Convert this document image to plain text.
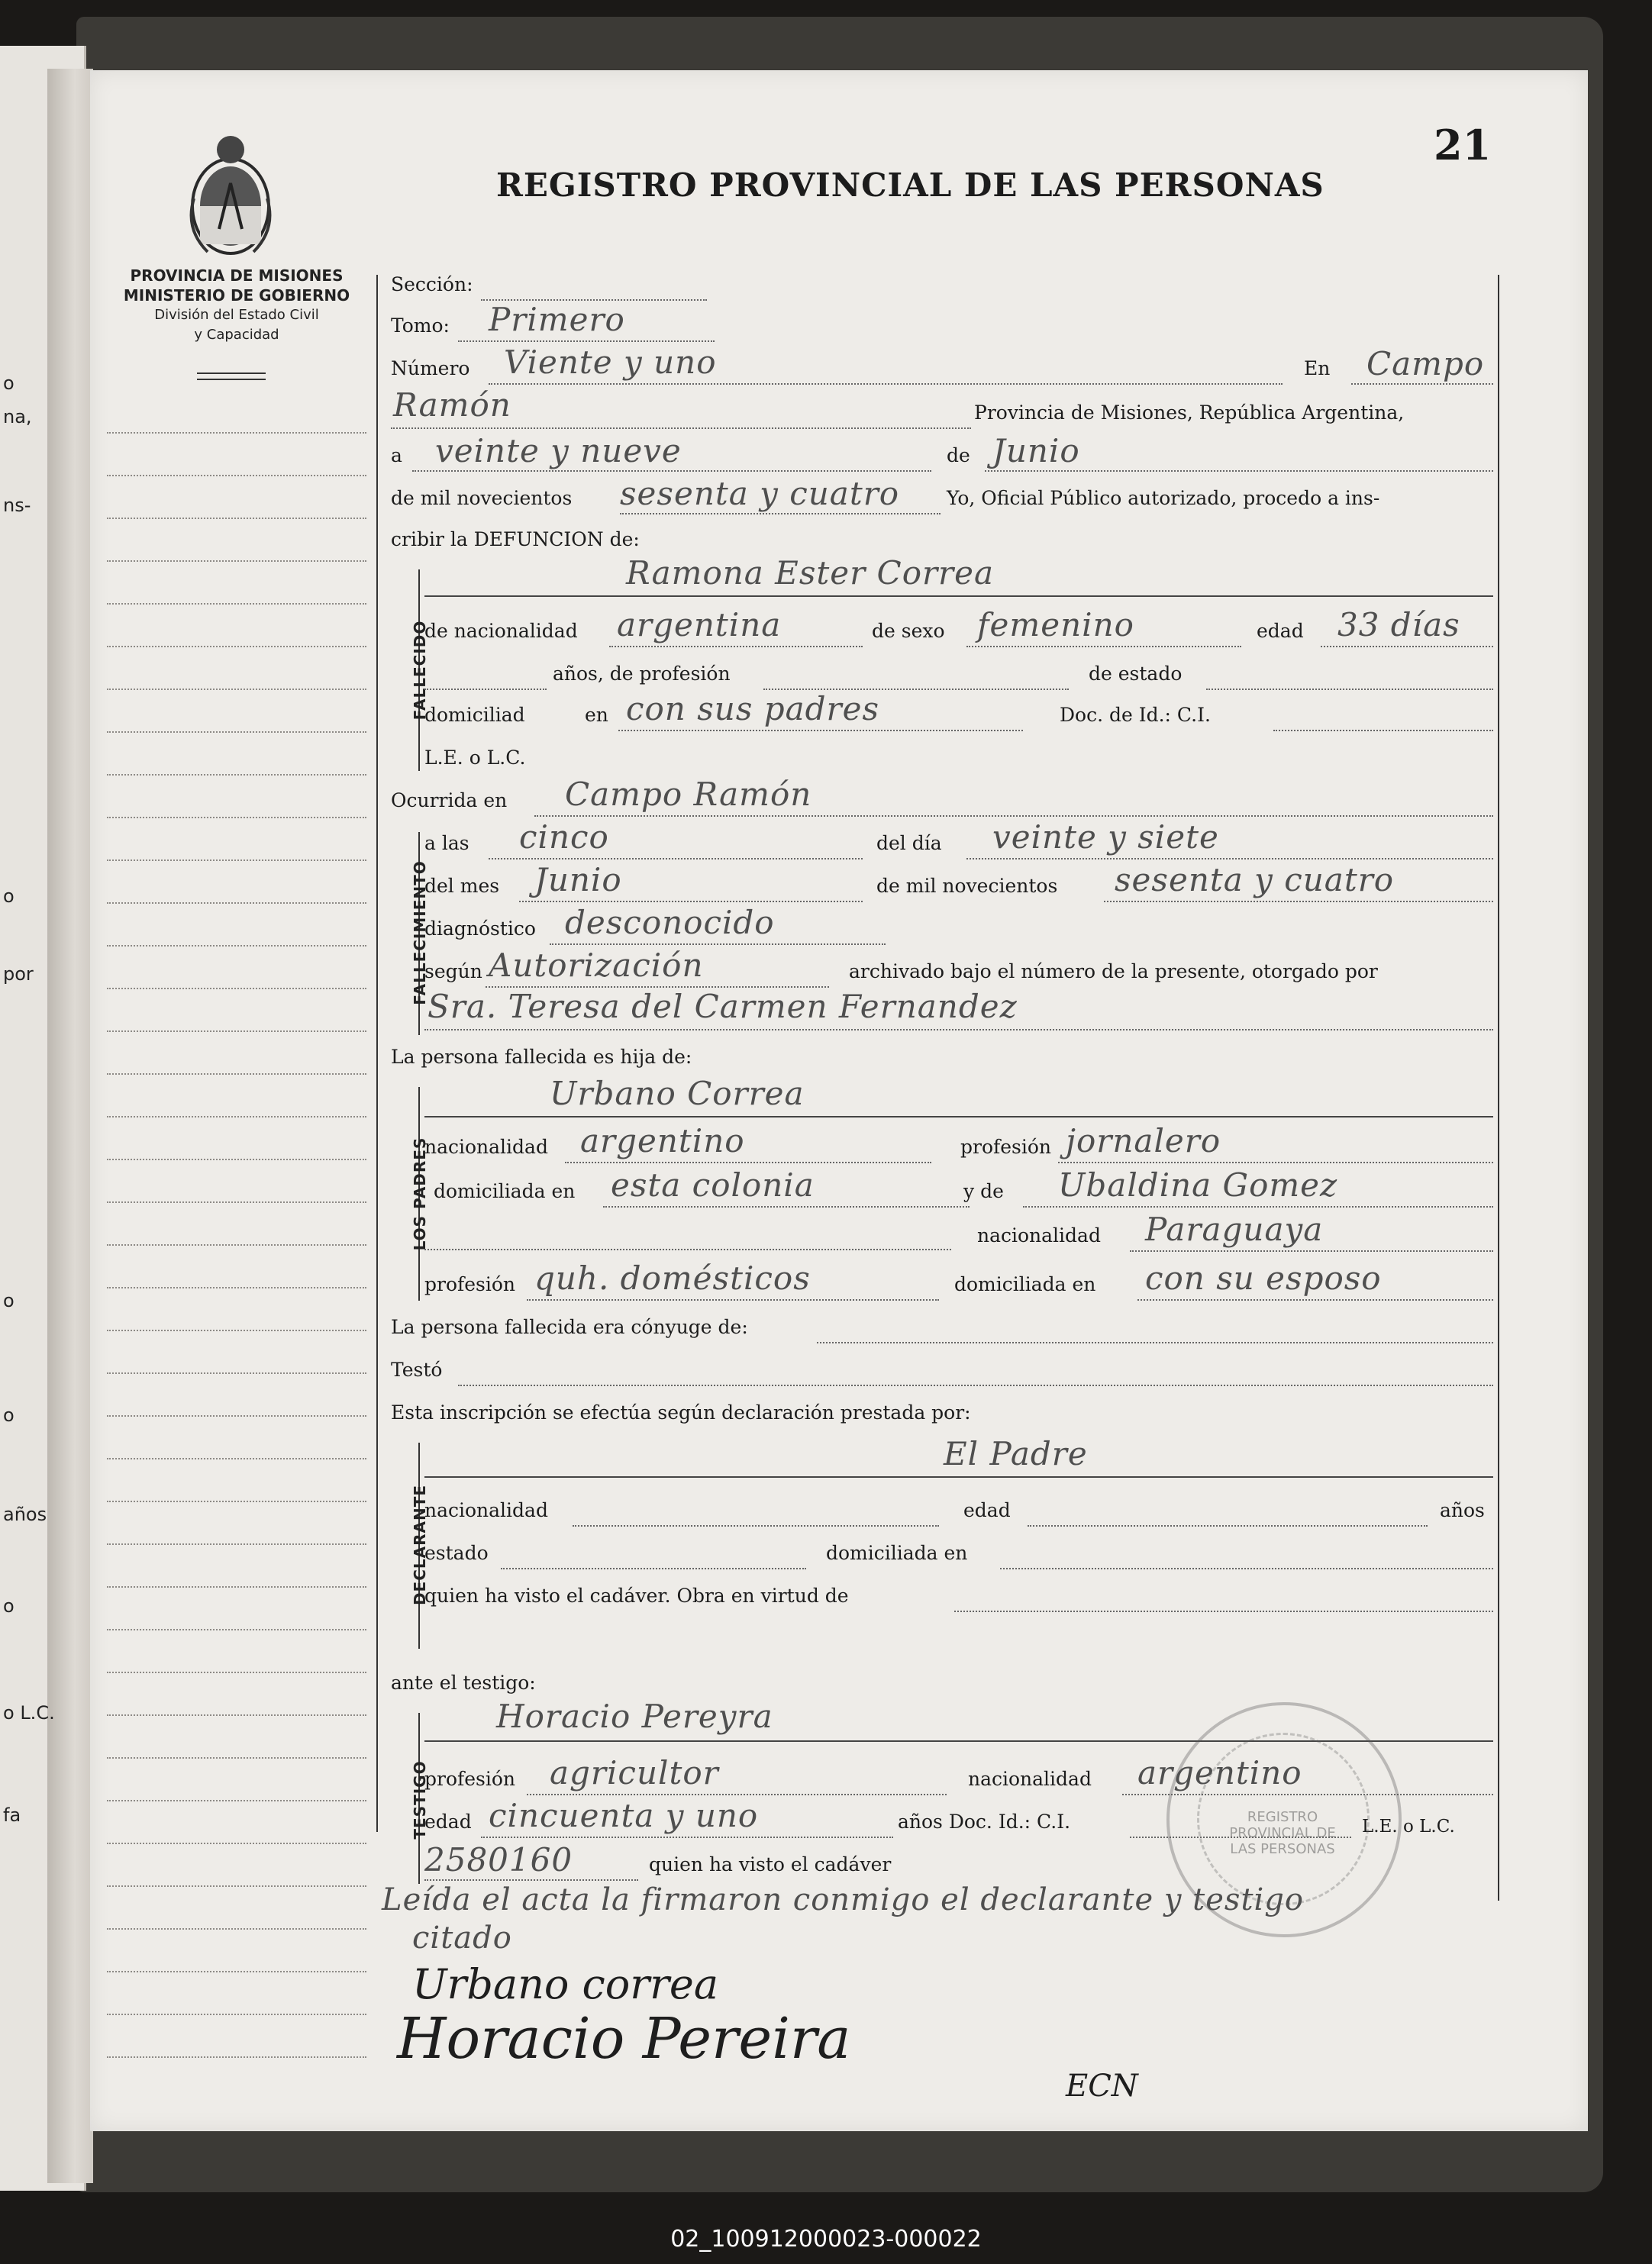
o
na,
ns-
o
por
o
o
años
o
o L.C.
fa
REGISTRO PROVINCIAL DE LAS PERSONAS
21
PROVINCIA DE MISIONES
MINISTERIO DE GOBIERNO
División del Estado Civil
y Capacidad
Sección:
Tomo: Primero
Número Viente y uno	En Campo
Ramón	Provincia de Misiones, República Argentina,
a veinte y nueve	de Junio
de mil novecientos sesenta y cuatro Yo, Oficial Público autorizado, procedo a ins-
cribir la DEFUNCION de:
FALLECIDO
Ramona Ester Correa
de nacionalidad argentina	de sexo femenino	edad 33 días
años, de profesión	de estado
domiciliad	en con sus padres	Doc. de Id.: C.I.
L.E. o L.C.
Ocurrida en Campo Ramón
FALLECIMIENTO
a las cinco	del día veinte y siete
del mes Junio	de mil novecientos sesenta y cuatro
diagnóstico desconocido
según Autorización	archivado bajo el número de la presente, otorgado por
Sra. Teresa del Carmen Fernandez
La persona fallecida es hija de:
LOS PADRES
Urbano Correa
nacionalidad argentino	profesión jornalero
domiciliada en esta colonia	y de Ubaldina Gomez
nacionalidad Paraguaya
profesión quh. domésticos	domiciliada en con su esposo
La persona fallecida era cónyuge de:
Testó
Esta inscripción se efectúa según declaración prestada por:
DECLARANTE
El Padre
nacionalidad	edad	años
estado	domiciliada en
quien ha visto el cadáver. Obra en virtud de
ante el testigo:
TESTIGO
Horacio Pereyra
profesión agricultor	nacionalidad argentino
edad cincuenta y uno	años Doc. Id.: C.I.	L.E. o L.C.
2580160	quien ha visto el cadáver
Leída el acta la firmaron conmigo el declarante y testigo
citado
REGISTRO PROVINCIAL DE LAS PERSONAS
Urbano correa
Horacio Pereira
ECN
02_100912000023-000022
